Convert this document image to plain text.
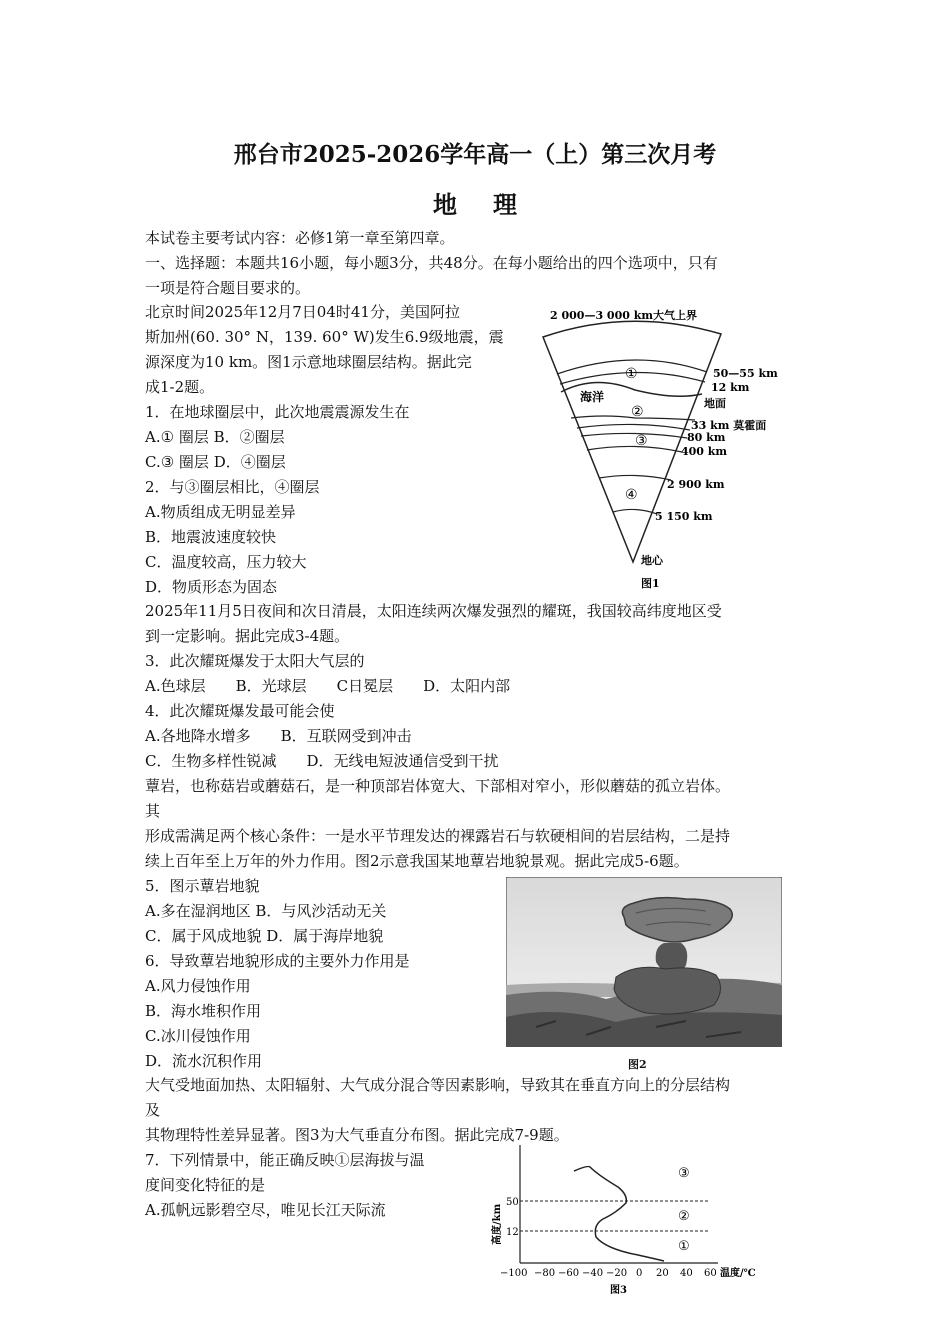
邢台市2025-2026学年高一（上）第三次月考
地理
本试卷主要考试内容：必修1第一章至第四章。
一、选择题：本题共16小题，每小题3分，共48分。在每小题给出的四个选项中，只有
一项是符合题目要求的。
北京时间2025年12月7日04时41分，美国阿拉
斯加州(60. 30° N，139. 60° W)发生6.9级地震，震
源深度为10 km。图1示意地球圈层结构。据此完
成1-2题。
1．在地球圈层中，此次地震震源发生在
A.① 圈层 B．②圈层
C.③ 圈层 D．④圈层
2．与③圈层相比，④圈层
A.物质组成无明显差异
B．地震波速度较快
C．温度较高，压力较大
D．物质形态为固态
2 000—3 000 km大气上界
①
②
③
④
海洋
50—55 km
12 km
地面
33 km 莫霍面
80 km
400 km
2 900 km
5 150 km
地心
图1
2025年11月5日夜间和次日清晨，太阳连续两次爆发强烈的耀斑，我国较高纬度地区受
到一定影响。据此完成3-4题。
3．此次耀斑爆发于太阳大气层的
A.色球层　　B．光球层　　C日冕层　　D．太阳内部
4．此次耀斑爆发最可能会使
A.各地降水增多　　B．互联网受到冲击
C．生物多样性锐减　　D．无线电短波通信受到干扰
蕈岩，也称菇岩或蘑菇石，是一种顶部岩体宽大、下部相对窄小，形似蘑菇的孤立岩体。
其
形成需满足两个核心条件：一是水平节理发达的裸露岩石与软硬相间的岩层结构，二是持
续上百年至上万年的外力作用。图2示意我国某地蕈岩地貌景观。据此完成5-6题。
5．图示蕈岩地貌
A.多在湿润地区 B．与风沙活动无关
C．属于风成地貌 D．属于海岸地貌
6．导致蕈岩地貌形成的主要外力作用是
A.风力侵蚀作用
B．海水堆积作用
C.冰川侵蚀作用
D．流水沉积作用	图2
大气受地面加热、太阳辐射、大气成分混合等因素影响，导致其在垂直方向上的分层结构
及
其物理特性差异显著。图3为大气垂直分布图。据此完成7-9题。
7．下列情景中，能正确反映①层海拔与温
度间变化特征的是
A.孤帆远影碧空尽，唯见长江天际流	50
12
高度/km
③
②
①
−100 −80 −60 −40 −20 0 20 40 60 温度/℃
图3
